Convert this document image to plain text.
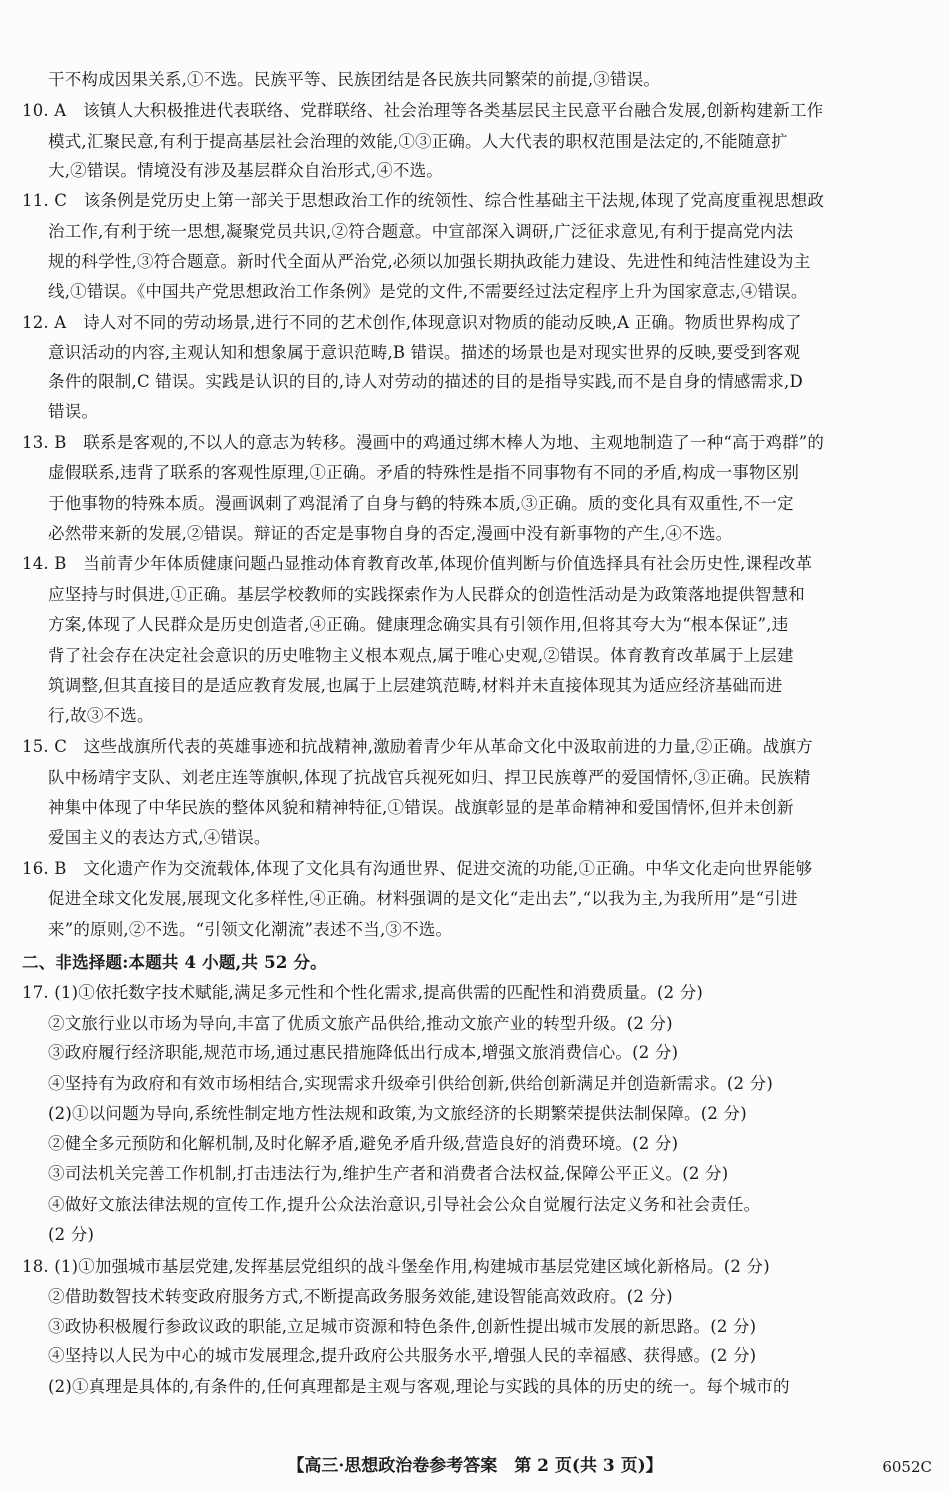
干不构成因果关系,①不选。民族平等、民族团结是各民族共同繁荣的前提,③错误。
10. A　该镇人大积极推进代表联络、党群联络、社会治理等各类基层民主民意平台融合发展,创新构建新工作
模式,汇聚民意,有利于提高基层社会治理的效能,①③正确。人大代表的职权范围是法定的,不能随意扩
大,②错误。情境没有涉及基层群众自治形式,④不选。
11. C　该条例是党历史上第一部关于思想政治工作的统领性、综合性基础主干法规,体现了党高度重视思想政
治工作,有利于统一思想,凝聚党员共识,②符合题意。中宣部深入调研,广泛征求意见,有利于提高党内法
规的科学性,③符合题意。新时代全面从严治党,必须以加强长期执政能力建设、先进性和纯洁性建设为主
线,①错误。《中国共产党思想政治工作条例》是党的文件,不需要经过法定程序上升为国家意志,④错误。
12. A　诗人对不同的劳动场景,进行不同的艺术创作,体现意识对物质的能动反映,A 正确。物质世界构成了
意识活动的内容,主观认知和想象属于意识范畴,B 错误。描述的场景也是对现实世界的反映,要受到客观
条件的限制,C 错误。实践是认识的目的,诗人对劳动的描述的目的是指导实践,而不是自身的情感需求,D
错误。
13. B　联系是客观的,不以人的意志为转移。漫画中的鸡通过绑木棒人为地、主观地制造了一种“高于鸡群”的
虚假联系,违背了联系的客观性原理,①正确。矛盾的特殊性是指不同事物有不同的矛盾,构成一事物区别
于他事物的特殊本质。漫画讽刺了鸡混淆了自身与鹤的特殊本质,③正确。质的变化具有双重性,不一定
必然带来新的发展,②错误。辩证的否定是事物自身的否定,漫画中没有新事物的产生,④不选。
14. B　当前青少年体质健康问题凸显推动体育教育改革,体现价值判断与价值选择具有社会历史性,课程改革
应坚持与时俱进,①正确。基层学校教师的实践探索作为人民群众的创造性活动是为政策落地提供智慧和
方案,体现了人民群众是历史创造者,④正确。健康理念确实具有引领作用,但将其夸大为“根本保证”,违
背了社会存在决定社会意识的历史唯物主义根本观点,属于唯心史观,②错误。体育教育改革属于上层建
筑调整,但其直接目的是适应教育发展,也属于上层建筑范畴,材料并未直接体现其为适应经济基础而进
行,故③不选。
15. C　这些战旗所代表的英雄事迹和抗战精神,激励着青少年从革命文化中汲取前进的力量,②正确。战旗方
队中杨靖宇支队、刘老庄连等旗帜,体现了抗战官兵视死如归、捍卫民族尊严的爱国情怀,③正确。民族精
神集中体现了中华民族的整体风貌和精神特征,①错误。战旗彰显的是革命精神和爱国情怀,但并未创新
爱国主义的表达方式,④错误。
16. B　文化遗产作为交流载体,体现了文化具有沟通世界、促进交流的功能,①正确。中华文化走向世界能够
促进全球文化发展,展现文化多样性,④正确。材料强调的是文化“走出去”,“以我为主,为我所用”是“引进
来”的原则,②不选。“引领文化潮流”表述不当,③不选。
二、非选择题:本题共 4 小题,共 52 分。
17. (1)①依托数字技术赋能,满足多元性和个性化需求,提高供需的匹配性和消费质量。(2 分)
②文旅行业以市场为导向,丰富了优质文旅产品供给,推动文旅产业的转型升级。(2 分)
③政府履行经济职能,规范市场,通过惠民措施降低出行成本,增强文旅消费信心。(2 分)
④坚持有为政府和有效市场相结合,实现需求升级牵引供给创新,供给创新满足并创造新需求。(2 分)
(2)①以问题为导向,系统性制定地方性法规和政策,为文旅经济的长期繁荣提供法制保障。(2 分)
②健全多元预防和化解机制,及时化解矛盾,避免矛盾升级,营造良好的消费环境。(2 分)
③司法机关完善工作机制,打击违法行为,维护生产者和消费者合法权益,保障公平正义。(2 分)
④做好文旅法律法规的宣传工作,提升公众法治意识,引导社会公众自觉履行法定义务和社会责任。
(2 分)
18. (1)①加强城市基层党建,发挥基层党组织的战斗堡垒作用,构建城市基层党建区域化新格局。(2 分)
②借助数智技术转变政府服务方式,不断提高政务服务效能,建设智能高效政府。(2 分)
③政协积极履行参政议政的职能,立足城市资源和特色条件,创新性提出城市发展的新思路。(2 分)
④坚持以人民为中心的城市发展理念,提升政府公共服务水平,增强人民的幸福感、获得感。(2 分)
(2)①真理是具体的,有条件的,任何真理都是主观与客观,理论与实践的具体的历史的统一。每个城市的
【高三·思想政治卷参考答案　第 2 页(共 3 页)】	6052C
